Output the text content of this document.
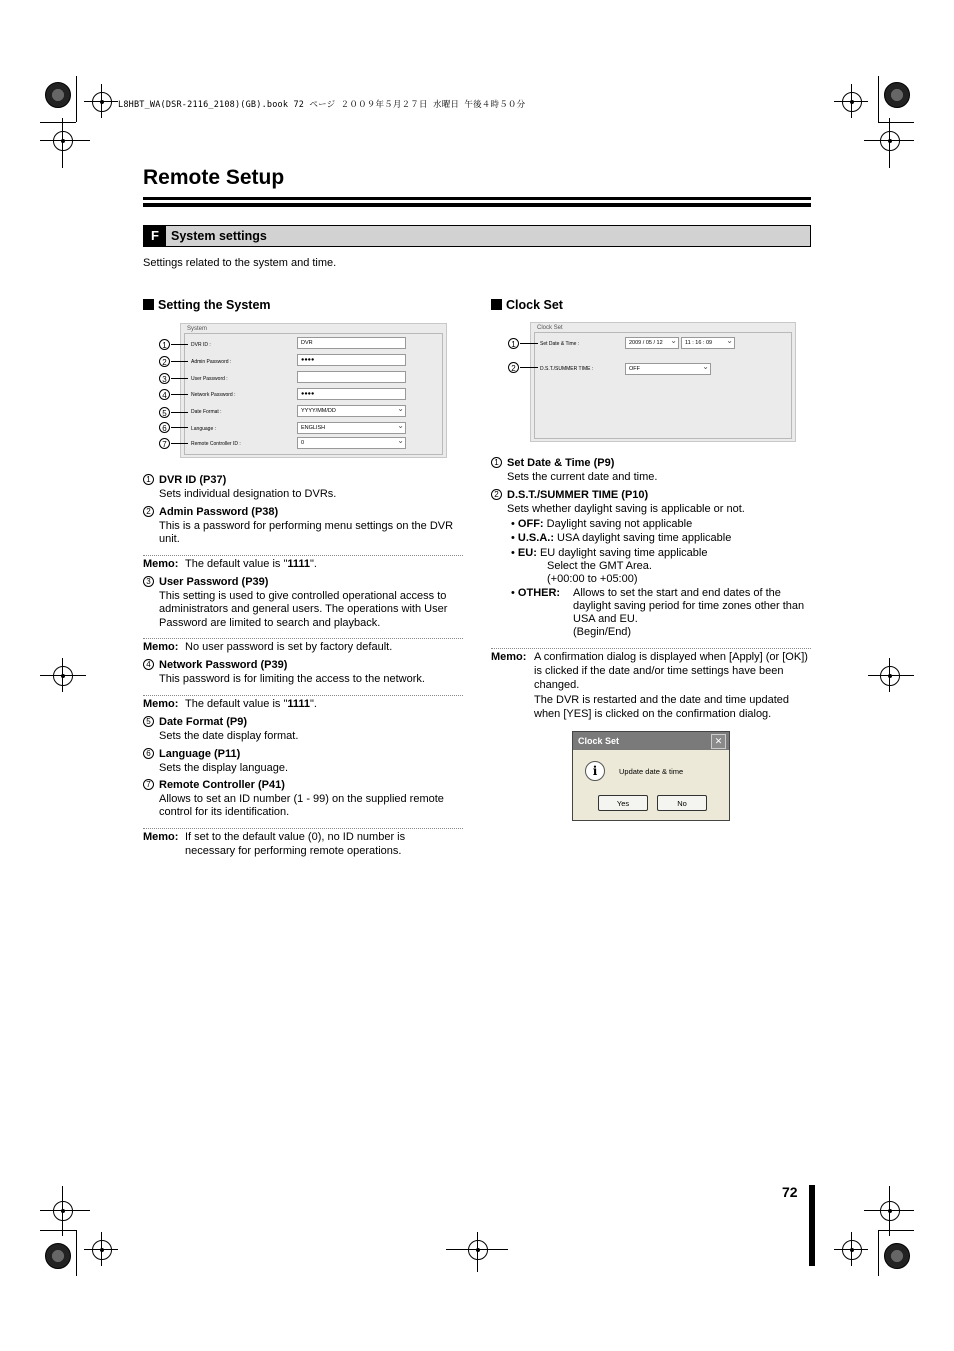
L8HBT_WA(DSR-2116_2108)(GB).book 72 ページ ２００９年５月２７日 水曜日 午後４時５０分
Remote Setup
F System settings
Settings related to the system and time.
Setting the System
System
DVR ID :	DVR
Admin Password :	●●●●
User Password :
Network Password :	●●●●
Date Format :	YYYY/MM/DD ⌄
Language :	ENGLISH ⌄
Remote Controller ID :	0 ⌄
1
2
3
4
5
6
7
1 DVR ID (P37)
Sets individual designation to DVRs.
2 Admin Password (P38)
This is a password for performing menu settings on the DVR unit.
Memo: The default value is "1111".
3 User Password (P39)
This setting is used to give controlled operational access to administrators and general users. The operations with User Password are limited to search and playback.
Memo: No user password is set by factory default.
4 Network Password (P39)
This password is for limiting the access to the network.
Memo: The default value is "1111".
5 Date Format (P9)
Sets the date display format.
6 Language (P11)
Sets the display language.
7 Remote Controller (P41)
Allows to set an ID number (1 - 99) on the supplied remote control for its identification.
Memo: If set to the default value (0), no ID number is necessary for performing remote operations.
Clock Set
Clock Set
Set Date & Time :	2009 / 05 / 12 ⌄	11 : 16 : 09 ⌄
D.S.T./SUMMER TIME :	OFF ⌄
1
2
1 Set Date & Time (P9)
Sets the current date and time.
2 D.S.T./SUMMER TIME (P10)
Sets whether daylight saving is applicable or not.
• OFF: Daylight saving not applicable
• U.S.A.: USA daylight saving time applicable
• EU: EU daylight saving time applicable
Select the GMT Area.
(+00:00 to +05:00)
• OTHER: Allows to set the start and end dates of the daylight saving period for time zones other than USA and EU.
(Begin/End)
Memo: A confirmation dialog is displayed when [Apply] (or [OK]) is clicked if the date and/or time settings have been changed.
The DVR is restarted and the date and time updated when [YES] is clicked on the confirmation dialog.
Clock Set	✕
i	Update date & time
Yes	No
72
